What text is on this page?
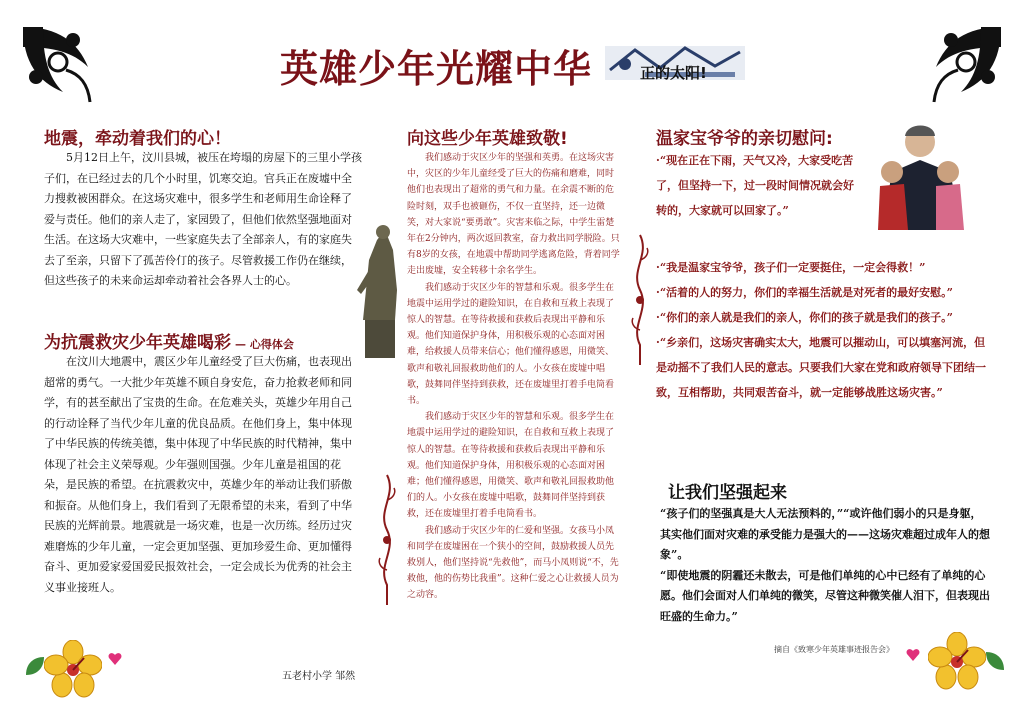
英雄少年光耀中华	正的太阳!
地震，牵动着我们的心！

5月12日上午，汶川县城，被压在垮塌的房屋下的三里小学孩子们，在已经过去的几个小时里，饥寒交迫。官兵正在废墟中全力搜救被困群众。在这场灾难中，很多学生和老师用生命诠释了爱与责任。他们的亲人走了，家园毁了，但他们依然坚强地面对生活。在这场大灾难中，一些家庭失去了全部亲人，有的家庭失去了至亲，只留下了孤苦伶仃的孩子。尽管救援工作仍在继续，但这些孩子的未来命运却牵动着社会各界人士的心。

为抗震救灾少年英雄喝彩 — 心得体会

在汶川大地震中，震区少年儿童经受了巨大伤痛，也表现出超常的勇气。一大批少年英雄不顾自身安危，奋力抢救老师和同学，有的甚至献出了宝贵的生命。在危难关头，英雄少年用自己的行动诠释了当代少年儿童的优良品质。在他们身上，集中体现了中华民族的传统美德，集中体现了中华民族的时代精神，集中体现了社会主义荣辱观。少年强则国强。少年儿童是祖国的花朵，是民族的希望。在抗震救灾中，英雄少年的举动让我们骄傲和振奋。从他们身上，我们看到了无限希望的未来，看到了中华民族的光辉前景。地震就是一场灾难，也是一次历练。经历过灾难磨炼的少年儿童，一定会更加坚强、更加珍爱生命、更加懂得奋斗、更加爱家爱国爱民报效社会，一定会成长为优秀的社会主义事业接班人。

五老村小学 邹然
向这些少年英雄致敬!

我们感动于灾区少年的坚强和英勇。在这场灾害中，灾区的少年儿童经受了巨大的伤痛和磨难，同时他们也表现出了超常的勇气和力量。在余震不断的危险时刻，双手也被砸伤，不仅一直坚持，还一边微笑，对大家说“要勇敢”。灾害来临之际，中学生雷楚年在2分钟内，两次返回教室，奋力救出同学脱险。只有8岁的女孩，在地震中帮助同学逃离危险，背着同学走出废墟，安全转移十余名学生。

我们感动于灾区少年的智慧和乐观。很多学生在地震中运用学过的避险知识，在自救和互救上表现了惊人的智慧。在等待救援和获救后表现出平静和乐观。他们知道保护身体，用积极乐观的心态面对困难，给救援人员带来信心；他们懂得感恩，用微笑、歌声和敬礼回报救助他们的人。小女孩在废墟中唱歌，鼓舞同伴坚持到获救，还在废墟里打着手电筒看书。

我们感动于灾区少年的智慧和乐观。很多学生在地震中运用学过的避险知识，在自救和互救上表现了惊人的智慧。在等待救援和获救后表现出平静和乐观。他们知道保护身体，用积极乐观的心态面对困难；他们懂得感恩，用微笑、歌声和敬礼回报救助他们的人。小女孩在废墟中唱歌，鼓舞同伴坚持到获救，还在废墟里打着手电筒看书。

我们感动于灾区少年的仁爱和坚强。女孩马小凤和同学在废墟困在一个狭小的空间，鼓励救援人员先救别人，他们坚持说“先救他”，而马小凤则说“不，先救他，他的伤势比我重”。这种仁爱之心让救援人员为之动容。

温家宝爷爷的亲切慰问:

·“现在正在下雨，天气又冷，大家受吃苦了，但坚持一下，过一段时间情况就会好转的，大家就可以回家了。”

·“我是温家宝爷爷，孩子们一定要挺住，一定会得救！”

·“活着的人的努力，你们的幸福生活就是对死者的最好安慰。”

·“你们的亲人就是我们的亲人，你们的孩子就是我们的孩子。”

·“乡亲们，这场灾害确实太大，地震可以摧动山，可以填塞河流，但是动摇不了我们人民的意志。只要我们大家在党和政府领导下团结一致，互相帮助，共同艰苦奋斗，就一定能够战胜这场灾害。”

让我们坚强起来

“孩子们的坚强真是大人无法预料的，”“或许他们弱小的只是身躯，其实他们面对灾难的承受能力是强大的——这场灾难超过成年人的想象”。

“即使地震的阴霾还未散去，可是他们单纯的心中已经有了单纯的心愿。他们会面对人们单纯的微笑，尽管这种微笑催人泪下，但表现出旺盛的生命力。”

摘自《致寒少年英雄事迹报告会》
